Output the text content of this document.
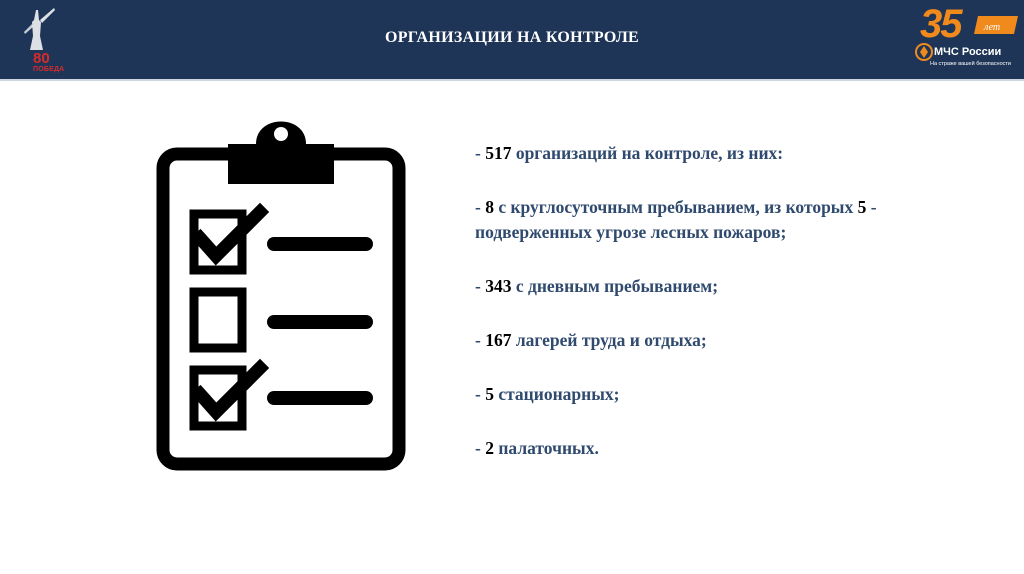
80
ПОБЕДА
ОРГАНИЗАЦИИ НА КОНТРОЛЕ	35 лет
МЧС России
На страже вашей безопасности
- 517 организаций на контроле, из них:
- 8 с круглосуточным пребыванием, из которых 5 - подверженных угрозе лесных пожаров;
- 343 с дневным пребыванием;
- 167 лагерей труда и отдыха;
- 5 стационарных;
- 2 палаточных.
